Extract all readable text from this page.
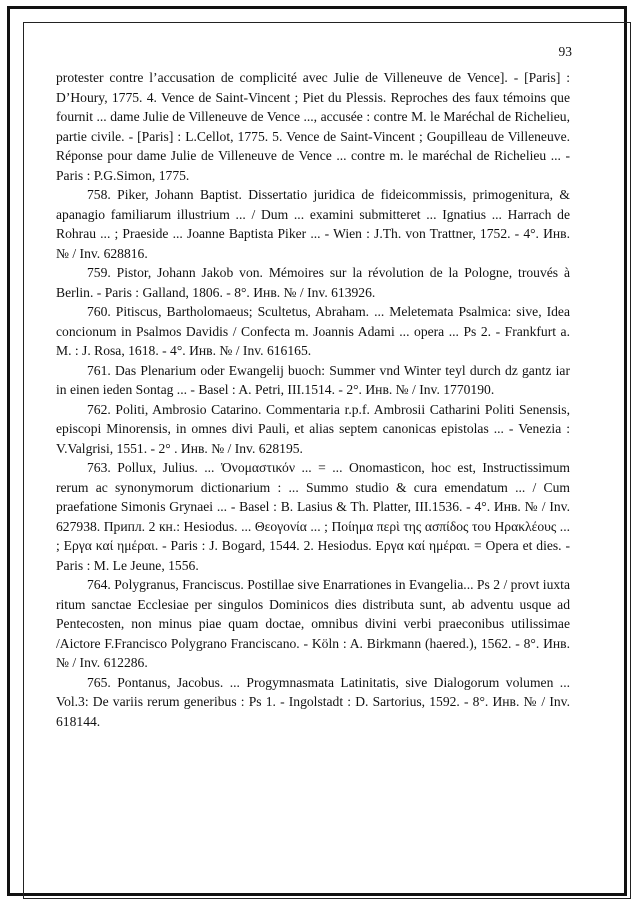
93

protester contre l’accusation de complicité avec Julie de Villeneuve de Vence]. - [Paris] : D’Houry, 1775. 4. Vence de Saint-Vincent ; Piet du Plessis. Reproches des faux témoins que fournit ... dame Julie de Villeneuve de Vence ..., accusée : contre M. le Maréchal de Richelieu, partie civile. - [Paris] : L.Cellot, 1775. 5. Vence de Saint-Vincent ; Goupilleau de Villeneuve. Réponse pour dame Julie de Villeneuve de Vence ... contre m. le maréchal de Richelieu ... - Paris : P.G.Simon, 1775.

758. Piker, Johann Baptist. Dissertatio juridica de fideicommissis, primogenitura, & apanagio familiarum illustrium ... / Dum ... examini submitteret ... Ignatius ... Harrach de Rohrau ... ; Praeside ... Joanne Baptista Piker ... - Wien : J.Th. von Trattner, 1752. - 4°. Инв. № / Inv. 628816.

759. Pistor, Johann Jakob von. Mémoires sur la révolution de la Pologne, trouvés à Berlin. - Paris : Galland, 1806. - 8°. Инв. № / Inv. 613926.

760. Pitiscus, Bartholomaeus; Scultetus, Abraham. ... Meletemata Psalmica: sive, Idea concionum in Psalmos Davidis / Confecta m. Joannis Adami ... opera ... Ps 2. - Frankfurt a. M. : J. Rosa, 1618. - 4°. Инв. № / Inv. 616165.

761. Das Plenarium oder Ewangelij buoch: Summer vnd Winter teyl durch dz gantz iar in einen ieden Sontag ... - Basel : A. Petri, III.1514. - 2°. Инв. № / Inv. 1770190.

762. Politi, Ambrosio Catarino. Commentaria r.p.f. Ambrosii Catharini Politi Senensis, episcopi Minorensis, in omnes divi Pauli, et alias septem canonicas epistolas ... - Venezia : V.Valgrisi, 1551. - 2° . Инв. № / Inv. 628195.

763. Pollux, Julius. ... Ὀνομαστικόν ... = ... Onomasticon, hoc est, Instructissimum rerum ac synonymorum dictionarium : ... Summo studio & cura emendatum ... / Cum praefatione Simonis Grynaei ... - Basel : B. Lasius & Th. Platter, III.1536. - 4°. Инв. № / Inv. 627938. Припл. 2 кн.: Hesiodus. ... Θεογονία ... ; Ποίημα περὶ της ασπίδος του Ηρακλέους ... ; Εργα καί ημέραι. - Paris : J. Bogard, 1544. 2. Hesiodus. Εργα καί ημέραι. = Opera et dies. - Paris : M. Le Jeune, 1556.

764. Polygranus, Franciscus. Postillae sive Enarrationes in Evangelia... Ps 2 / provt iuxta ritum sanctae Ecclesiae per singulos Dominicos dies distributa sunt, ab adventu usque ad Pentecosten, non minus piae quam doctae, omnibus divini verbi praeconibus utilissimae /Aictore F.Francisco Polygrano Franciscano. - Köln : A. Birkmann (haered.), 1562. - 8°. Инв. № / Inv. 612286.

765. Pontanus, Jacobus. ... Progymnasmata Latinitatis, sive Dialogorum volumen ... Vol.3: De variis rerum generibus : Ps 1. - Ingolstadt : D. Sartorius, 1592. - 8°. Инв. № / Inv. 618144.
